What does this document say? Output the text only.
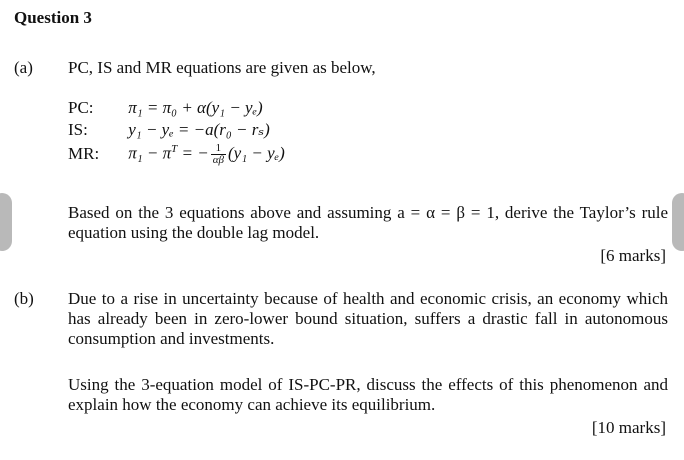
Question 3
(a) PC, IS and MR equations are given as below,
PC: π₁ = π₀ + α(y₁ − yₑ)
IS: y₁ − yₑ = −a(r₀ − rₛ)
MR: $\pi_1 - \pi^T$ = − $\frac{1}{\alpha\beta} (y_1 - y_e)$
Based on the 3 equations above and assuming a = α = β = 1, derive the Taylor’s rule equation using the double lag model.
[6 marks]
(b) Due to a rise in uncertainty because of health and economic crisis, an economy which has already been in zero-lower bound situation, suffers a drastic fall in autonomous consumption and investments.
Using the 3-equation model of IS-PC-PR, discuss the effects of this phenomenon and explain how the economy can achieve its equilibrium.
[10 marks]
